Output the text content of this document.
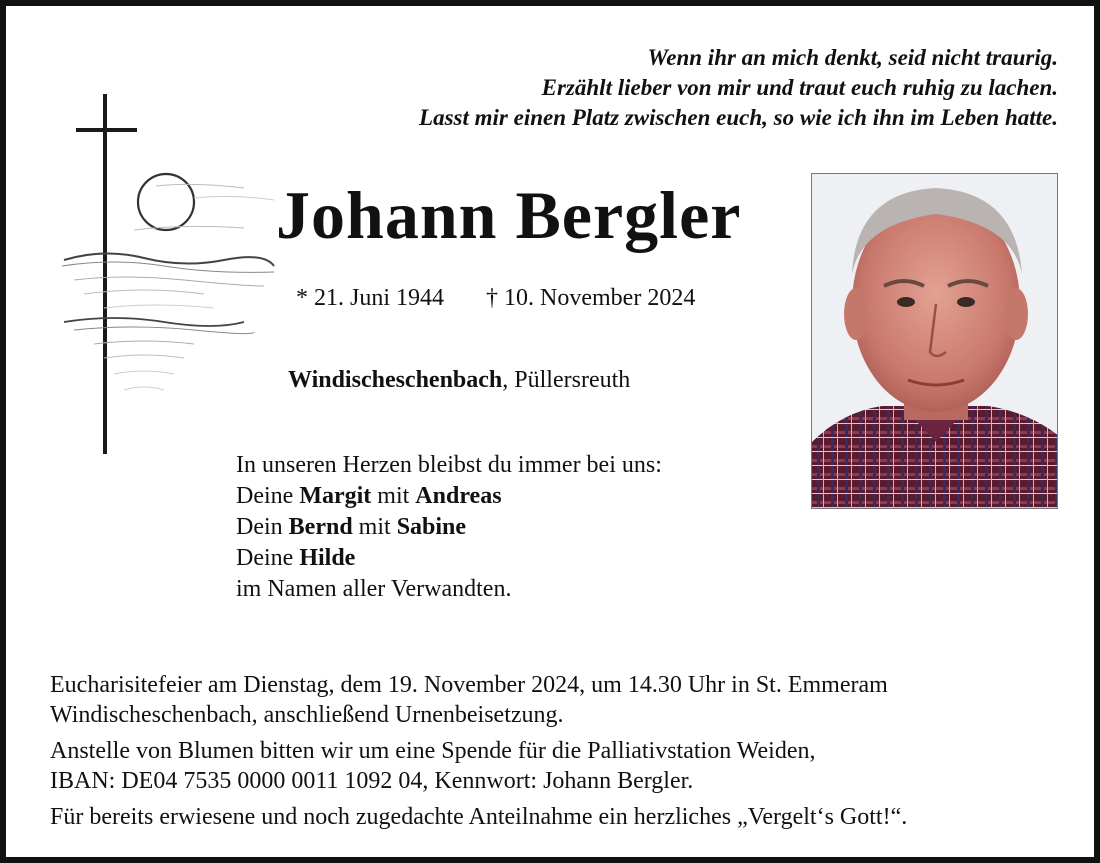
Wenn ihr an mich denkt, seid nicht traurig.
Erzählt lieber von mir und traut euch ruhig zu lachen.
Lasst mir einen Platz zwischen euch, so wie ich ihn im Leben hatte.
Johann Bergler
* 21. Juni 1944 † 10. November 2024
Windischeschenbach, Püllersreuth
In unseren Herzen bleibst du immer bei uns:
Deine Margit mit Andreas
Dein Bernd mit Sabine
Deine Hilde
im Namen aller Verwandten.

Eucharisitefeier am Dienstag, dem 19. November 2024, um 14.30 Uhr in St. Emmeram

Windischeschenbach, anschließend Urnenbeisetzung.

Anstelle von Blumen bitten wir um eine Spende für die Palliativstation Weiden,

IBAN: DE04 7535 0000 0011 1092 04, Kennwort: Johann Bergler.

Für bereits erwiesene und noch zugedachte Anteilnahme ein herzliches „Vergelt‘s Gott!“.
